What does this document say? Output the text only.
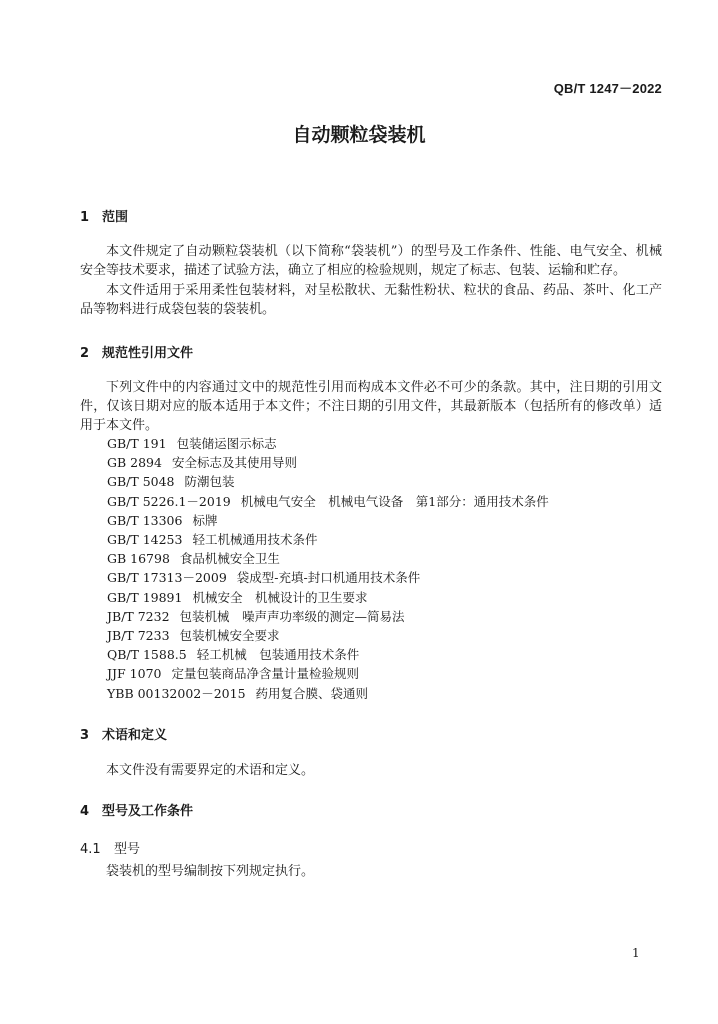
QB/T 1247－2022
自动颗粒袋装机
1 范围
本文件规定了自动颗粒袋装机（以下简称“袋装机”）的型号及工作条件、性能、电气安全、机械安全等技术要求，描述了试验方法，确立了相应的检验规则，规定了标志、包装、运输和贮存。
本文件适用于采用柔性包装材料，对呈松散状、无黏性粉状、粒状的食品、药品、茶叶、化工产品等物料进行成袋包装的袋装机。
2 规范性引用文件
下列文件中的内容通过文中的规范性引用而构成本文件必不可少的条款。其中，注日期的引用文件，仅该日期对应的版本适用于本文件；不注日期的引用文件，其最新版本（包括所有的修改单）适用于本文件。
GB/T 191 包装储运图示标志
GB 2894 安全标志及其使用导则
GB/T 5048 防潮包装
GB/T 5226.1－2019 机械电气安全　机械电气设备　第1部分：通用技术条件
GB/T 13306 标牌
GB/T 14253 轻工机械通用技术条件
GB 16798 食品机械安全卫生
GB/T 17313－2009 袋成型-充填-封口机通用技术条件
GB/T 19891 机械安全　机械设计的卫生要求
JB/T 7232 包装机械　噪声声功率级的测定—简易法
JB/T 7233 包装机械安全要求
QB/T 1588.5 轻工机械　包装通用技术条件
JJF 1070 定量包装商品净含量计量检验规则
YBB 00132002－2015 药用复合膜、袋通则
3 术语和定义
本文件没有需要界定的术语和定义。
4 型号及工作条件
4.1 型号
袋装机的型号编制按下列规定执行。
1
